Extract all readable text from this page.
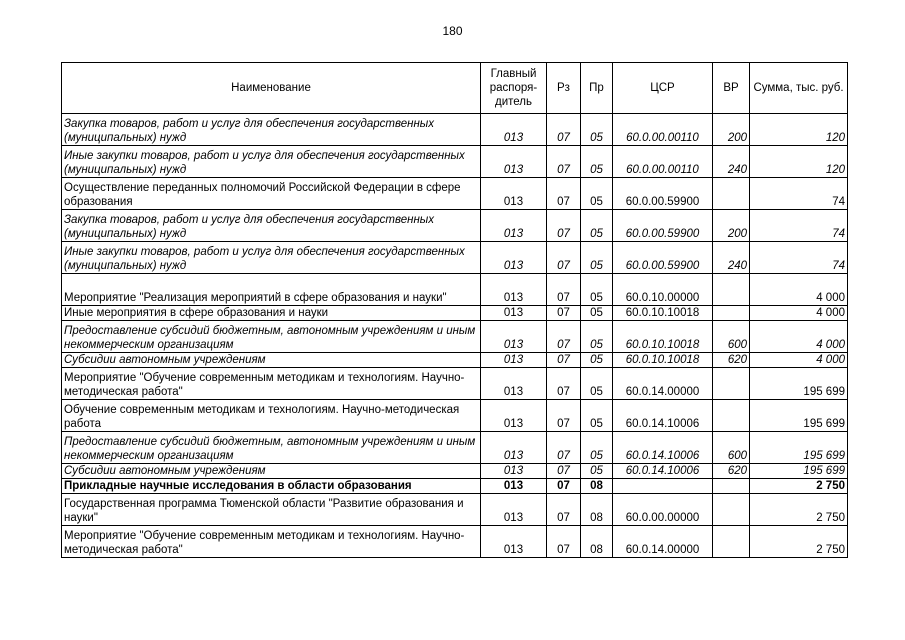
180
Наименование	Главный распоря-дитель	Рз	Пр	ЦСР	ВР	Сумма, тыс. руб.
Закупка товаров, работ и услуг для обеспечения государственных (муниципальных) нужд	013	07	05	60.0.00.00110	200	120
Иные закупки товаров, работ и услуг для обеспечения государственных (муниципальных) нужд	013	07	05	60.0.00.00110	240	120
Осуществление переданных полномочий Российской Федерации в сфере образования	013	07	05	60.0.00.59900		74
Закупка товаров, работ и услуг для обеспечения государственных (муниципальных) нужд	013	07	05	60.0.00.59900	200	74
Иные закупки товаров, работ и услуг для обеспечения государственных (муниципальных) нужд	013	07	05	60.0.00.59900	240	74
Мероприятие "Реализация мероприятий в сфере образования и науки"	013	07	05	60.0.10.00000		4 000
Иные мероприятия в сфере образования и науки	013	07	05	60.0.10.10018		4 000
Предоставление субсидий бюджетным, автономным учреждениям и иным некоммерческим организациям	013	07	05	60.0.10.10018	600	4 000
Субсидии автономным учреждениям	013	07	05	60.0.10.10018	620	4 000
Мероприятие "Обучение современным методикам и технологиям. Научно-методическая работа"	013	07	05	60.0.14.00000		195 699
Обучение современным методикам и технологиям. Научно-методическая работа	013	07	05	60.0.14.10006		195 699
Предоставление субсидий бюджетным, автономным учреждениям и иным некоммерческим организациям	013	07	05	60.0.14.10006	600	195 699
Субсидии автономным учреждениям	013	07	05	60.0.14.10006	620	195 699
Прикладные научные исследования в области образования	013	07	08			2 750
Государственная программа Тюменской области "Развитие образования и науки"	013	07	08	60.0.00.00000		2 750
Мероприятие "Обучение современным методикам и технологиям. Научно-методическая работа"	013	07	08	60.0.14.00000		2 750
